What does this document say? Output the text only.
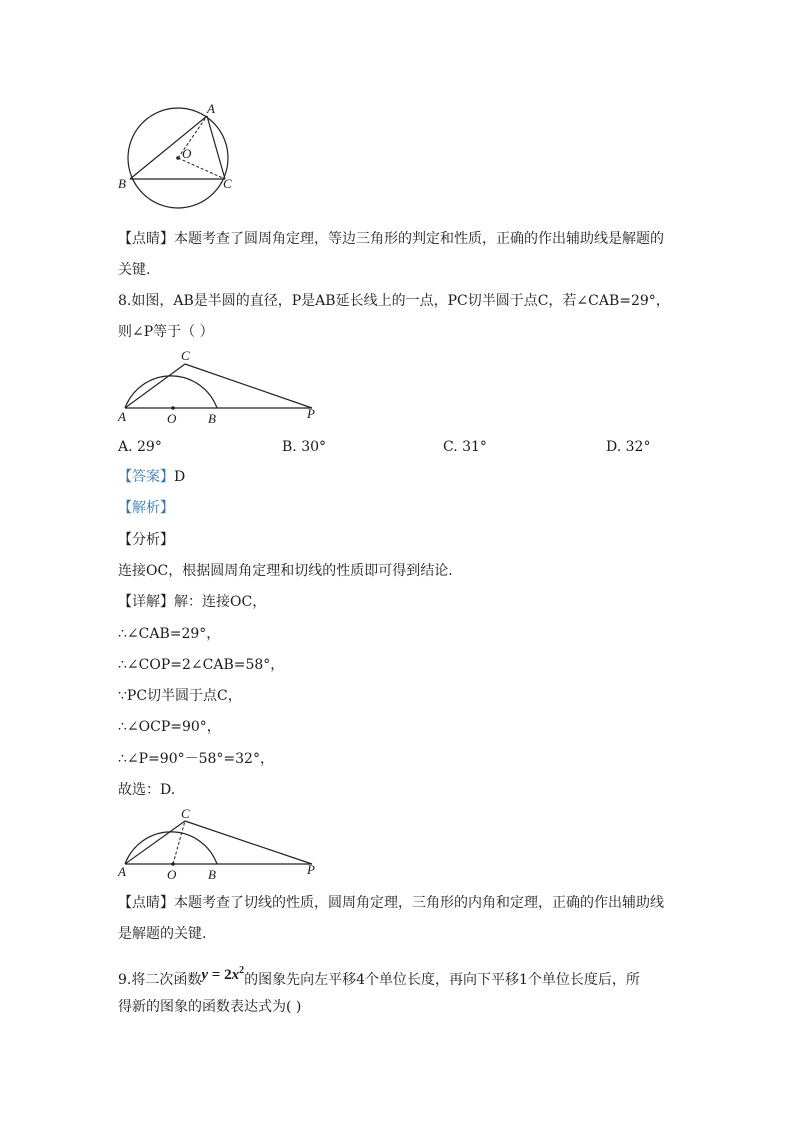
A
O
B	C
【点睛】本题考查了圆周角定理，等边三角形的判定和性质，正确的作出辅助线是解题的
关键.
8.如图，AB是半圆的直径，P是AB延长线上的一点，PC切半圆于点C，若∠CAB=29°，
则∠P等于（ ）
C
A	O B	P
A. 29°	B. 30°	C. 31°	D. 32°
【答案】D
【解析】
【分析】
连接OC，根据圆周角定理和切线的性质即可得到结论.
【详解】解：连接OC，
∴∠CAB=29°，
∴∠COP=2∠CAB=58°，
∵PC切半圆于点C，
∴∠OCP=90°，
∴∠P=90°－58°=32°，
故选：D.
C
A	O B	P
【点睛】本题考查了切线的性质，圆周角定理，三角形的内角和定理，正确的作出辅助线
是解题的关键.
9.将二次函数$y = 2x^2$的图象先向左平移4个单位长度，再向下平移1个单位长度后，所
得新的图象的函数表达式为( )
